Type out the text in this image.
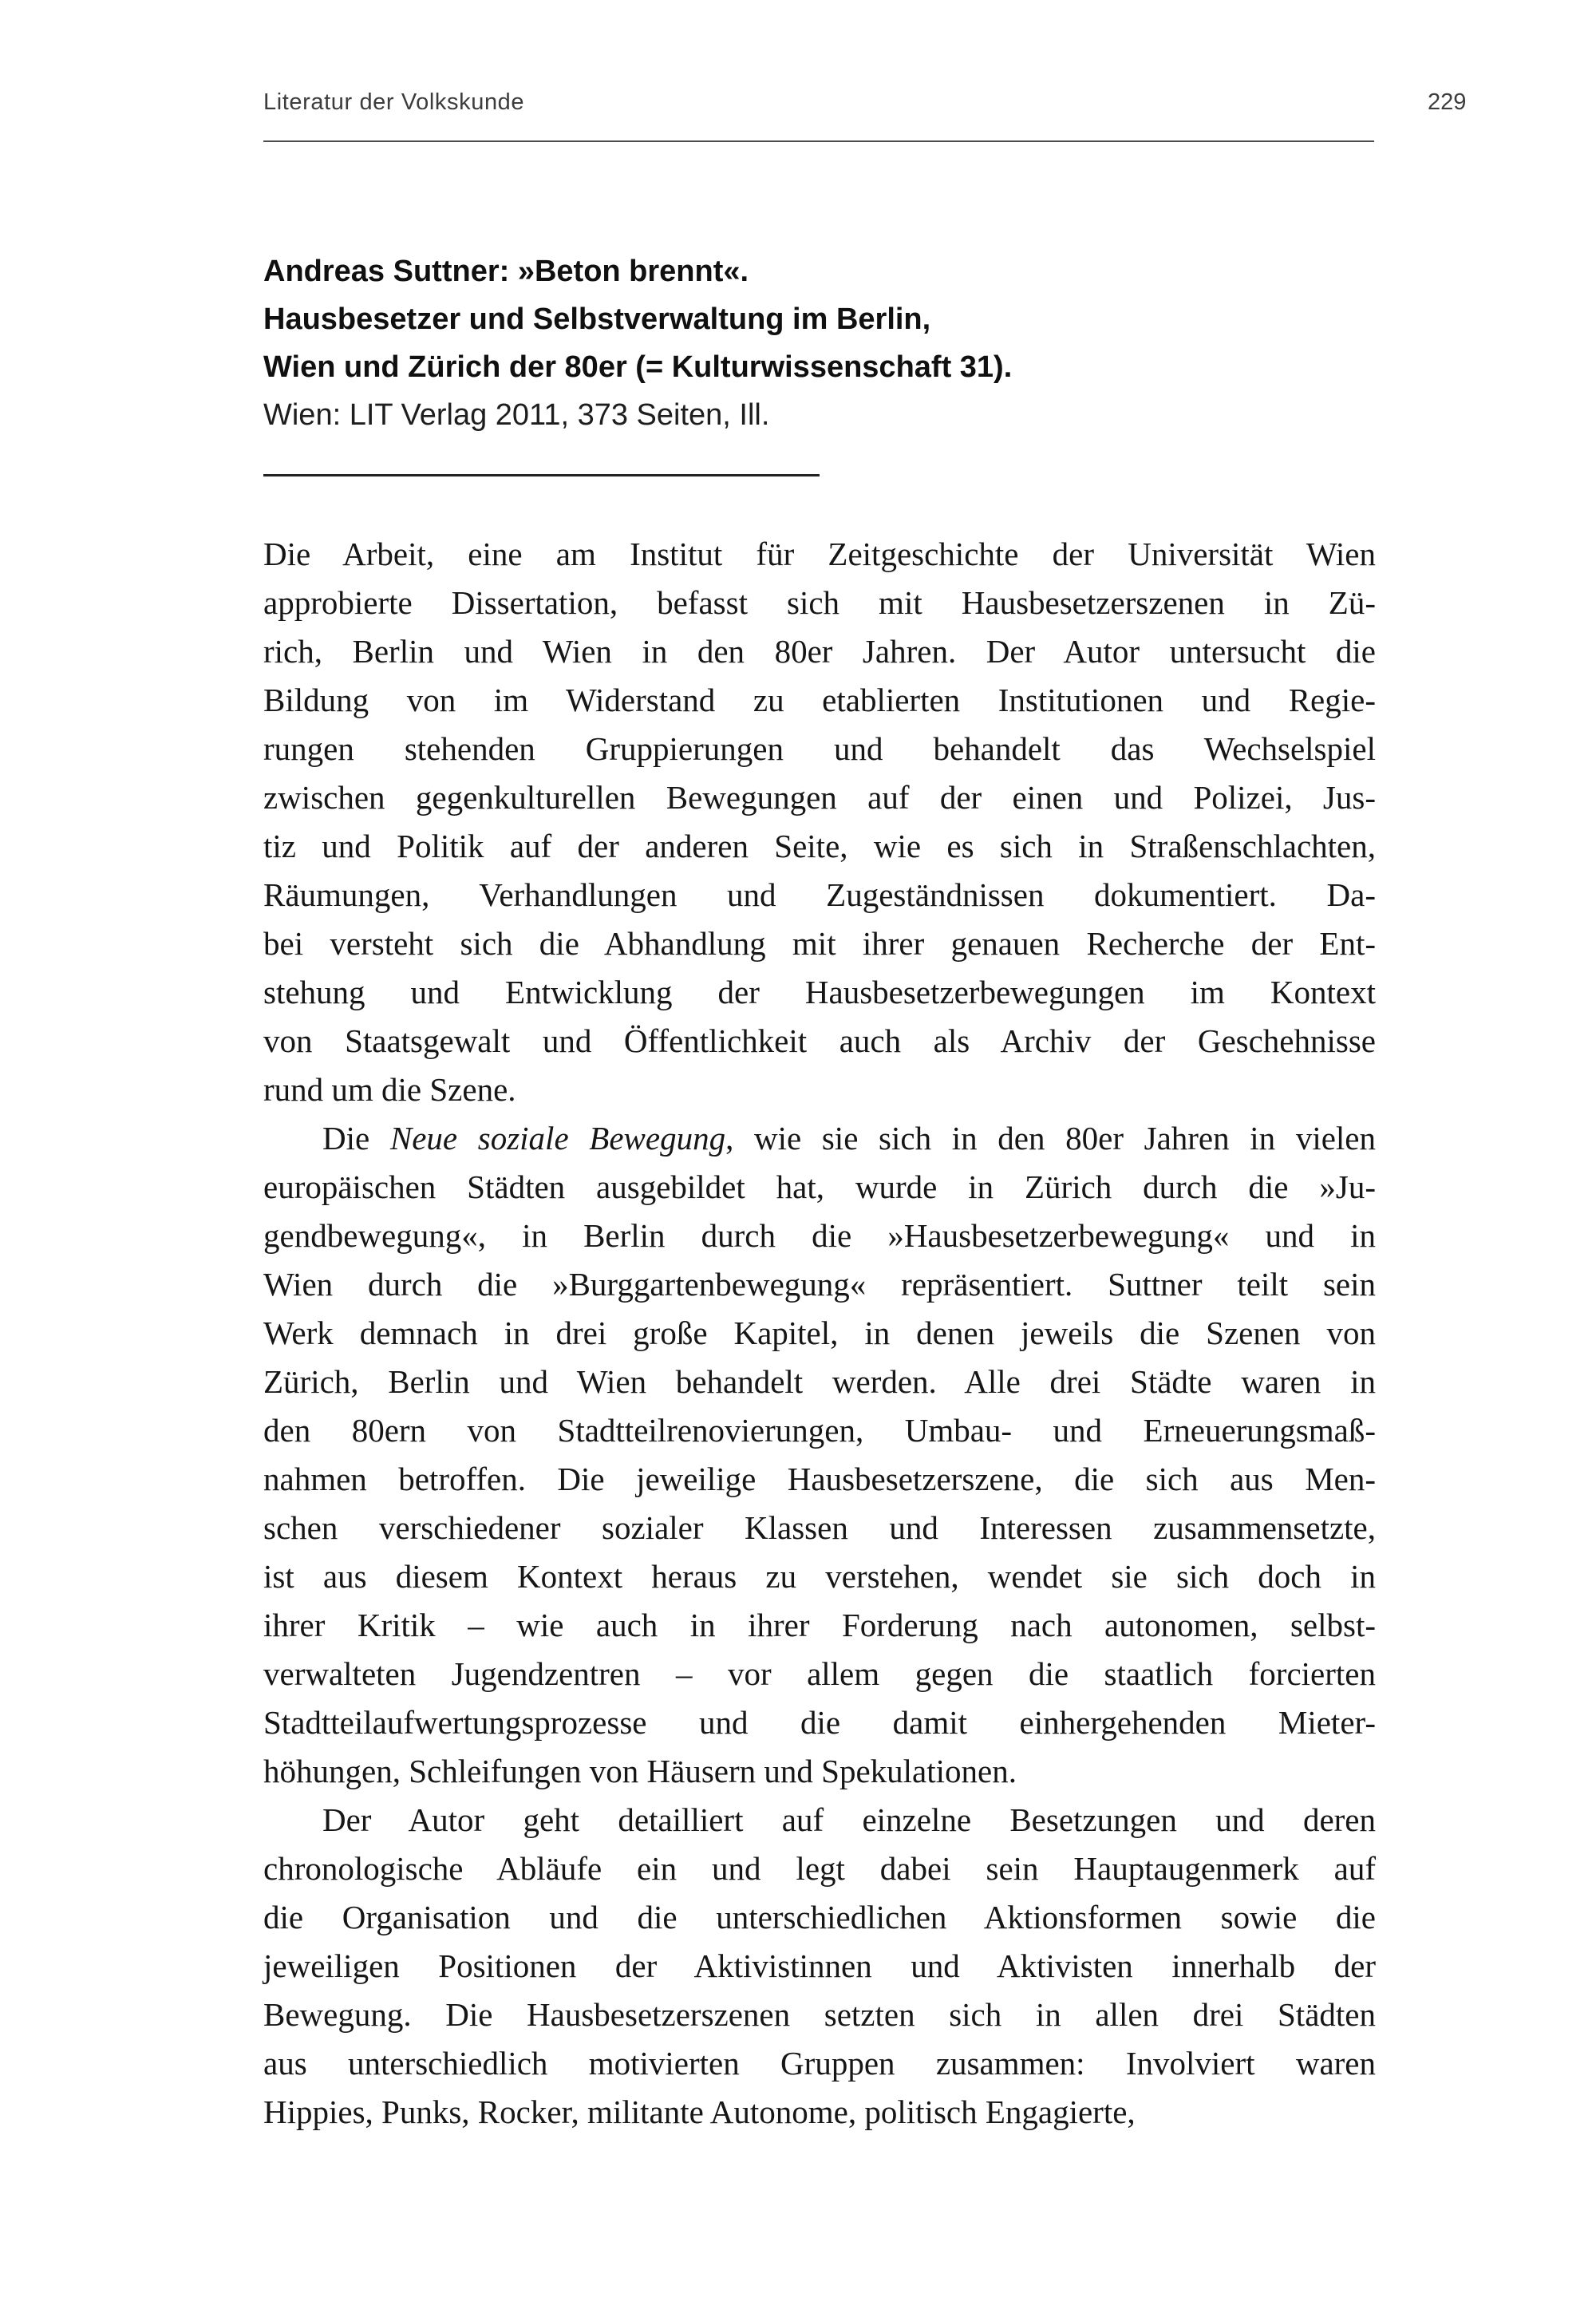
Literatur der Volkskunde	229
Andreas Suttner: »Beton brennt«.
Hausbesetzer und Selbstverwaltung im Berlin,
Wien und Zürich der 80er (= Kulturwissenschaft 31).
Wien: LIT Verlag 2011, 373 Seiten, Ill.
Die Arbeit, eine am Institut für Zeitgeschichte der Universität Wien
approbierte Dissertation, befasst sich mit Hausbesetzerszenen in Zü-
rich, Berlin und Wien in den 80er Jahren. Der Autor untersucht die
Bildung von im Widerstand zu etablierten Institutionen und Regie-
rungen stehenden Gruppierungen und behandelt das Wechselspiel
zwischen gegenkulturellen Bewegungen auf der einen und Polizei, Jus-
tiz und Politik auf der anderen Seite, wie es sich in Straßenschlachten,
Räumungen, Verhandlungen und Zugeständnissen dokumentiert. Da-
bei versteht sich die Abhandlung mit ihrer genauen Recherche der Ent-
stehung und Entwicklung der Hausbesetzerbewegungen im Kontext
von Staatsgewalt und Öffentlichkeit auch als Archiv der Geschehnisse
rund um die Szene.
Die Neue soziale Bewegung, wie sie sich in den 80er Jahren in vielen
europäischen Städten ausgebildet hat, wurde in Zürich durch die »Ju-
gendbewegung«, in Berlin durch die »Hausbesetzerbewegung« und in
Wien durch die »Burggartenbewegung« repräsentiert. Suttner teilt sein
Werk demnach in drei große Kapitel, in denen jeweils die Szenen von
Zürich, Berlin und Wien behandelt werden. Alle drei Städte waren in
den 80ern von Stadtteilrenovierungen, Umbau- und Erneuerungsmaß-
nahmen betroffen. Die jeweilige Hausbesetzerszene, die sich aus Men-
schen verschiedener sozialer Klassen und Interessen zusammensetzte,
ist aus diesem Kontext heraus zu verstehen, wendet sie sich doch in
ihrer Kritik – wie auch in ihrer Forderung nach autonomen, selbst-
verwalteten Jugendzentren – vor allem gegen die staatlich forcierten
Stadtteilaufwertungsprozesse und die damit einhergehenden Mieter-
höhungen, Schleifungen von Häusern und Spekulationen.
Der Autor geht detailliert auf einzelne Besetzungen und deren
chronologische Abläufe ein und legt dabei sein Hauptaugenmerk auf
die Organisation und die unterschiedlichen Aktionsformen sowie die
jeweiligen Positionen der Aktivistinnen und Aktivisten innerhalb der
Bewegung. Die Hausbesetzerszenen setzten sich in allen drei Städten
aus unterschiedlich motivierten Gruppen zusammen: Involviert waren
Hippies, Punks, Rocker, militante Autonome, politisch Engagierte,
